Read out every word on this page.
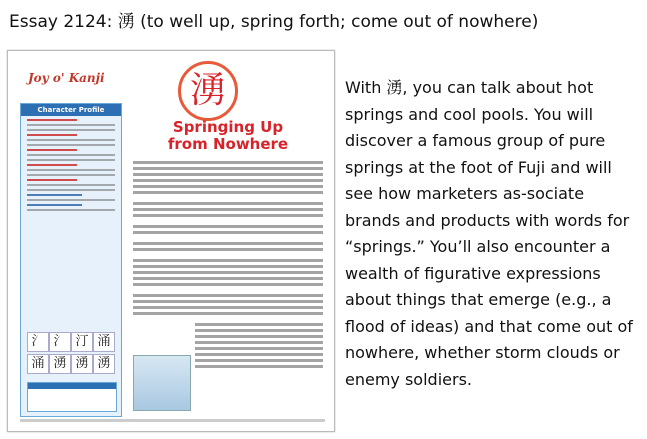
Essay 2124: 湧 (to well up, spring forth; come out of nowhere)
Joy o' Kanji	湧
Character Profile
氵 氵 汀 涌
涌 湧 湧 湧
Springing Up
from Nowhere
With 湧, you can talk about hot springs and cool pools. You will discover a famous group of pure springs at the foot of Fuji and will see how marketers as-sociate brands and products with words for “springs.” You’ll also encounter a wealth of figurative expressions about things that emerge (e.g., a flood of ideas) and that come out of nowhere, whether storm clouds or enemy soldiers.
